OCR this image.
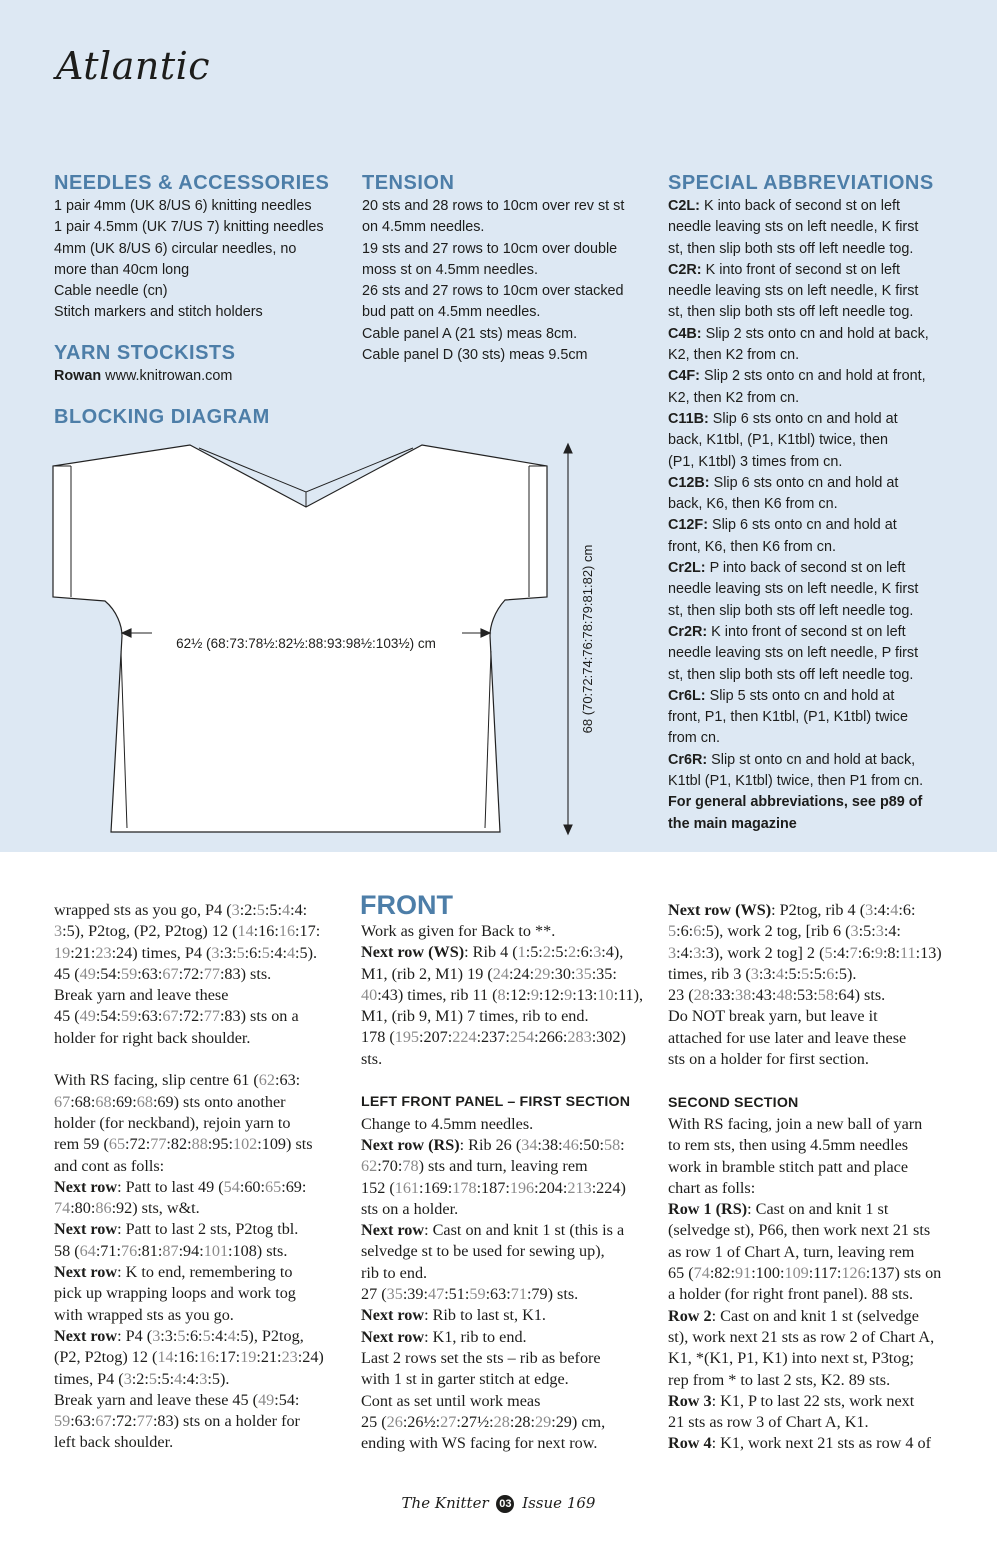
Atlantic
NEEDLES & ACCESSORIES

1 pair 4mm (UK 8/US 6) knitting needles

1 pair 4.5mm (UK 7/US 7) knitting needles

4mm (UK 8/US 6) circular needles, no

more than 40cm long

Cable needle (cn)

Stitch markers and stitch holders

YARN STOCKISTS

Rowan www.knitrowan.com

BLOCKING DIAGRAM
62½ (68:73:78½:82½:88:93:98½:103½) cm	68 (70:72:74:76:78:79:81:82) cm
TENSION

20 sts and 28 rows to 10cm over rev st st

on 4.5mm needles.

19 sts and 27 rows to 10cm over double

moss st on 4.5mm needles.

26 sts and 27 rows to 10cm over stacked

bud patt on 4.5mm needles.

Cable panel A (21 sts) meas 8cm.

Cable panel D (30 sts) meas 9.5cm

SPECIAL ABBREVIATIONS

C2L: K into back of second st on left

needle leaving sts on left needle, K first

st, then slip both sts off left needle tog.

C2R: K into front of second st on left

needle leaving sts on left needle, K first

st, then slip both sts off left needle tog.

C4B: Slip 2 sts onto cn and hold at back,

K2, then K2 from cn.

C4F: Slip 2 sts onto cn and hold at front,

K2, then K2 from cn.

C11B: Slip 6 sts onto cn and hold at

back, K1tbl, (P1, K1tbl) twice, then

(P1, K1tbl) 3 times from cn.

C12B: Slip 6 sts onto cn and hold at

back, K6, then K6 from cn.

C12F: Slip 6 sts onto cn and hold at

front, K6, then K6 from cn.

Cr2L: P into back of second st on left

needle leaving sts on left needle, K first

st, then slip both sts off left needle tog.

Cr2R: K into front of second st on left

needle leaving sts on left needle, P first

st, then slip both sts off left needle tog.

Cr6L: Slip 5 sts onto cn and hold at

front, P1, then K1tbl, (P1, K1tbl) twice

from cn.

Cr6R: Slip st onto cn and hold at back,

K1tbl (P1, K1tbl) twice, then P1 from cn.

For general abbreviations, see p89 of

the main magazine

wrapped sts as you go, P4 (3:2:5:5:4:4:

3:5), P2tog, (P2, P2tog) 12 (14:16:16:17:

19:21:23:24) times, P4 (3:3:5:6:5:4:4:5).

45 (49:54:59:63:67:72:77:83) sts.

Break yarn and leave these

45 (49:54:59:63:67:72:77:83) sts on a

holder for right back shoulder.

With RS facing, slip centre 61 (62:63:

67:68:68:69:68:69) sts onto another

holder (for neckband), rejoin yarn to

rem 59 (65:72:77:82:88:95:102:109) sts

and cont as folls:

Next row: Patt to last 49 (54:60:65:69:

74:80:86:92) sts, w&t.

Next row: Patt to last 2 sts, P2tog tbl.

58 (64:71:76:81:87:94:101:108) sts.

Next row: K to end, remembering to

pick up wrapping loops and work tog

with wrapped sts as you go.

Next row: P4 (3:3:5:6:5:4:4:5), P2tog,

(P2, P2tog) 12 (14:16:16:17:19:21:23:24)

times, P4 (3:2:5:5:4:4:3:5).

Break yarn and leave these 45 (49:54:

59:63:67:72:77:83) sts on a holder for

left back shoulder.

FRONT

Work as given for Back to **.

Next row (WS): Rib 4 (1:5:2:5:2:6:3:4),

M1, (rib 2, M1) 19 (24:24:29:30:35:35:

40:43) times, rib 11 (8:12:9:12:9:13:10:11),

M1, (rib 9, M1) 7 times, rib to end.

178 (195:207:224:237:254:266:283:302)

sts.

LEFT FRONT PANEL – FIRST SECTION

Change to 4.5mm needles.

Next row (RS): Rib 26 (34:38:46:50:58:

62:70:78) sts and turn, leaving rem

152 (161:169:178:187:196:204:213:224)

sts on a holder.

Next row: Cast on and knit 1 st (this is a

selvedge st to be used for sewing up),

rib to end.

27 (35:39:47:51:59:63:71:79) sts.

Next row: Rib to last st, K1.

Next row: K1, rib to end.

Last 2 rows set the sts – rib as before

with 1 st in garter stitch at edge.

Cont as set until work meas

25 (26:26½:27:27½:28:28:29:29) cm,

ending with WS facing for next row.

Next row (WS): P2tog, rib 4 (3:4:4:6:

5:6:6:5), work 2 tog, [rib 6 (3:5:3:4:

3:4:3:3), work 2 tog] 2 (5:4:7:6:9:8:11:13)

times, rib 3 (3:3:4:5:5:5:6:5).

23 (28:33:38:43:48:53:58:64) sts.

Do NOT break yarn, but leave it

attached for use later and leave these

sts on a holder for first section.

SECOND SECTION

With RS facing, join a new ball of yarn

to rem sts, then using 4.5mm needles

work in bramble stitch patt and place

chart as folls:

Row 1 (RS): Cast on and knit 1 st

(selvedge st), P66, then work next 21 sts

as row 1 of Chart A, turn, leaving rem

65 (74:82:91:100:109:117:126:137) sts on

a holder (for right front panel). 88 sts.

Row 2: Cast on and knit 1 st (selvedge

st), work next 21 sts as row 2 of Chart A,

K1, *(K1, P1, K1) into next st, P3tog;

rep from * to last 2 sts, K2. 89 sts.

Row 3: K1, P to last 22 sts, work next

21 sts as row 3 of Chart A, K1.

Row 4: K1, work next 21 sts as row 4 of

The Knitter 03 Issue 169
